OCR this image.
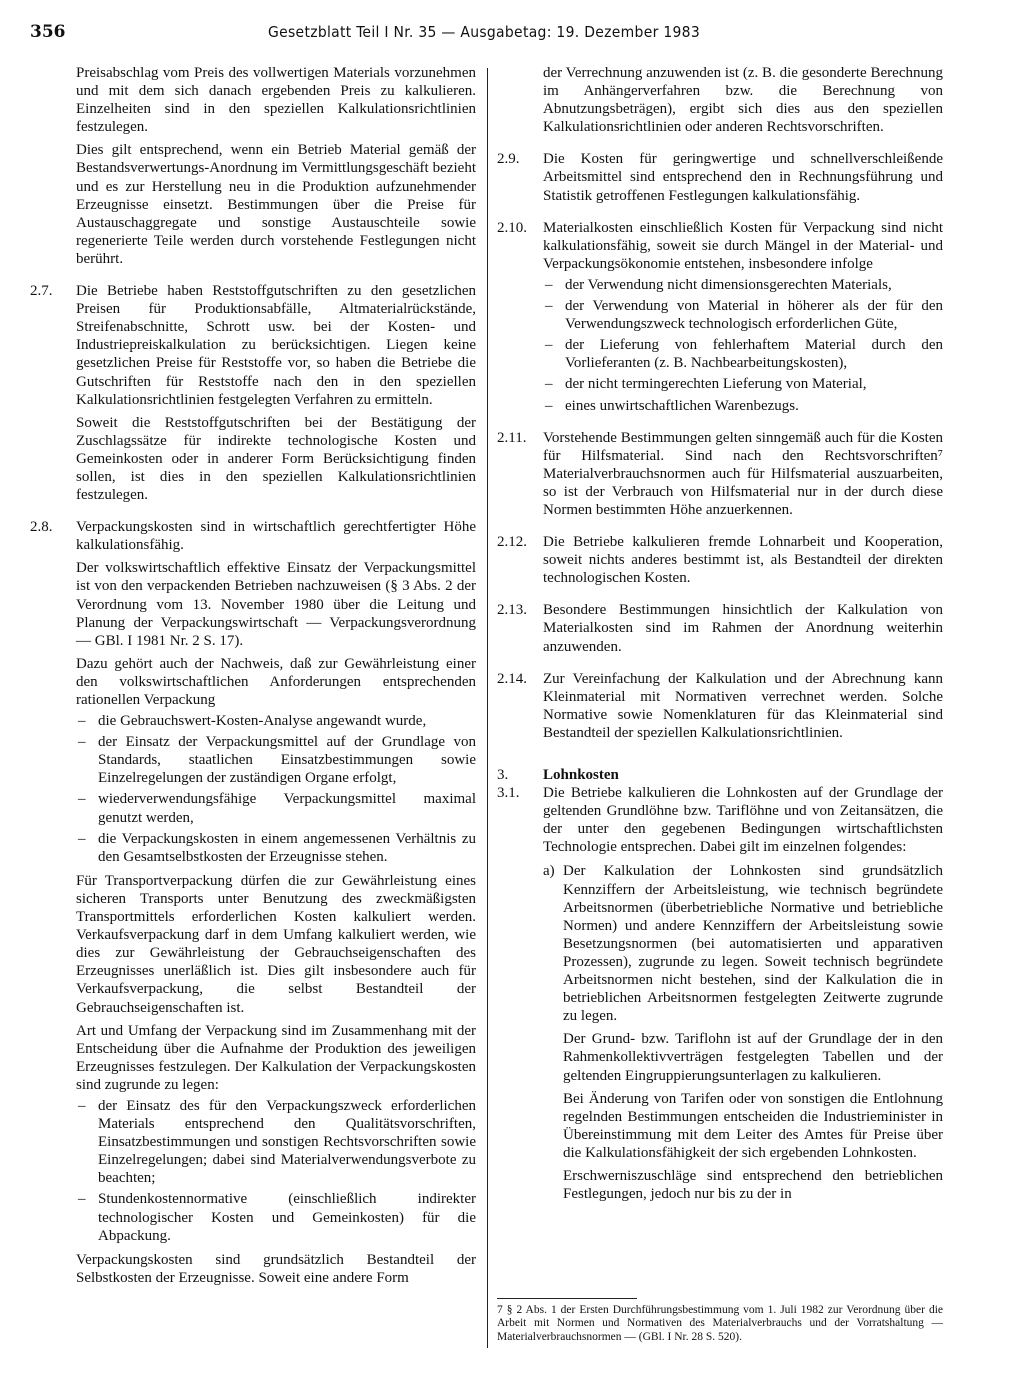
356	Gesetzblatt Teil I Nr. 35 — Ausgabetag: 19. Dezember 1983

Preisabschlag vom Preis des vollwertigen Materials vorzunehmen und mit dem sich danach ergebenden Preis zu kalkulieren. Einzelheiten sind in den speziellen Kalkulationsrichtlinien festzulegen.

Dies gilt entsprechend, wenn ein Betrieb Material gemäß der Bestandsverwertungs-Anordnung im Vermittlungsgeschäft bezieht und es zur Herstellung neu in die Produktion aufzunehmender Erzeugnisse einsetzt. Bestimmungen über die Preise für Austauschaggregate und sonstige Austauschteile sowie regenerierte Teile werden durch vorstehende Festlegungen nicht berührt.

2.7. Die Betriebe haben Reststoffgutschriften zu den gesetzlichen Preisen für Produktionsabfälle, Altmaterialrückstände, Streifenabschnitte, Schrott usw. bei der Kosten- und Industriepreiskalkulation zu berücksichtigen. Liegen keine gesetzlichen Preise für Reststoffe vor, so haben die Betriebe die Gutschriften für Reststoffe nach den in den speziellen Kalkulationsrichtlinien festgelegten Verfahren zu ermitteln.

Soweit die Reststoffgutschriften bei der Bestätigung der Zuschlagssätze für indirekte technologische Kosten und Gemeinkosten oder in anderer Form Berücksichtigung finden sollen, ist dies in den speziellen Kalkulationsrichtlinien festzulegen.

2.8. Verpackungskosten sind in wirtschaftlich gerechtfertigter Höhe kalkulationsfähig.

Der volkswirtschaftlich effektive Einsatz der Verpackungsmittel ist von den verpackenden Betrieben nachzuweisen (§ 3 Abs. 2 der Verordnung vom 13. November 1980 über die Leitung und Planung der Verpackungswirtschaft — Verpackungsverordnung — GBl. I 1981 Nr. 2 S. 17).

Dazu gehört auch der Nachweis, daß zur Gewährleistung einer den volkswirtschaftlichen Anforderungen entsprechenden rationellen Verpackung

– die Gebrauchswert-Kosten-Analyse angewandt wurde,
– der Einsatz der Verpackungsmittel auf der Grundlage von Standards, staatlichen Einsatzbestimmungen sowie Einzelregelungen der zuständigen Organe erfolgt,
– wiederverwendungsfähige Verpackungsmittel maximal genutzt werden,
– die Verpackungskosten in einem angemessenen Verhältnis zu den Gesamtselbstkosten der Erzeugnisse stehen.

Für Transportverpackung dürfen die zur Gewährleistung eines sicheren Transports unter Benutzung des zweckmäßigsten Transportmittels erforderlichen Kosten kalkuliert werden. Verkaufsverpackung darf in dem Umfang kalkuliert werden, wie dies zur Gewährleistung der Gebrauchseigenschaften des Erzeugnisses unerläßlich ist. Dies gilt insbesondere auch für Verkaufsverpackung, die selbst Bestandteil der Gebrauchseigenschaften ist.

Art und Umfang der Verpackung sind im Zusammenhang mit der Entscheidung über die Aufnahme der Produktion des jeweiligen Erzeugnisses festzulegen. Der Kalkulation der Verpackungskosten sind zugrunde zu legen:

– der Einsatz des für den Verpackungszweck erforderlichen Materials entsprechend den Qualitätsvorschriften, Einsatzbestimmungen und sonstigen Rechtsvorschriften sowie Einzelregelungen; dabei sind Materialverwendungsverbote zu beachten;
– Stundenkostennormative (einschließlich indirekter technologischer Kosten und Gemeinkosten) für die Abpackung.

Verpackungskosten sind grundsätzlich Bestandteil der Selbstkosten der Erzeugnisse. Soweit eine andere Form

der Verrechnung anzuwenden ist (z. B. die gesonderte Berechnung im Anhängerverfahren bzw. die Berechnung von Abnutzungsbeträgen), ergibt sich dies aus den speziellen Kalkulationsrichtlinien oder anderen Rechtsvorschriften.

2.9. Die Kosten für geringwertige und schnellverschleißende Arbeitsmittel sind entsprechend den in Rechnungsführung und Statistik getroffenen Festlegungen kalkulationsfähig.

2.10. Materialkosten einschließlich Kosten für Verpackung sind nicht kalkulationsfähig, soweit sie durch Mängel in der Material- und Verpackungsökonomie entstehen, insbesondere infolge

– der Verwendung nicht dimensionsgerechten Materials,
– der Verwendung von Material in höherer als der für den Verwendungszweck technologisch erforderlichen Güte,
– der Lieferung von fehlerhaftem Material durch den Vorlieferanten (z. B. Nachbearbeitungskosten),
– der nicht termingerechten Lieferung von Material,
– eines unwirtschaftlichen Warenbezugs.
2.11. Vorstehende Bestimmungen gelten sinngemäß auch für die Kosten für Hilfsmaterial. Sind nach den Rechtsvorschriften⁷ Materialverbrauchsnormen auch für Hilfsmaterial auszuarbeiten, so ist der Verbrauch von Hilfsmaterial nur in der durch diese Normen bestimmten Höhe anzuerkennen.

2.12. Die Betriebe kalkulieren fremde Lohnarbeit und Kooperation, soweit nichts anderes bestimmt ist, als Bestandteil der direkten technologischen Kosten.

2.13. Besondere Bestimmungen hinsichtlich der Kalkulation von Materialkosten sind im Rahmen der Anordnung weiterhin anzuwenden.

2.14. Zur Vereinfachung der Kalkulation und der Abrechnung kann Kleinmaterial mit Normativen verrechnet werden. Solche Normative sowie Nomenklaturen für das Kleinmaterial sind Bestandteil der speziellen Kalkulationsrichtlinien.

3. Lohnkosten

3.1. Die Betriebe kalkulieren die Lohnkosten auf der Grundlage der geltenden Grundlöhne bzw. Tariflöhne und von Zeitansätzen, die der unter den gegebenen Bedingungen wirtschaftlichsten Technologie entsprechen. Dabei gilt im einzelnen folgendes:

a) Der Kalkulation der Lohnkosten sind grundsätzlich Kennziffern der Arbeitsleistung, wie technisch begründete Arbeitsnormen (überbetriebliche Normative und betriebliche Normen) und andere Kennziffern der Arbeitsleistung sowie Besetzungsnormen (bei automatisierten und apparativen Prozessen), zugrunde zu legen. Soweit technisch begründete Arbeitsnormen nicht bestehen, sind der Kalkulation die in betrieblichen Arbeitsnormen festgelegten Zeitwerte zugrunde zu legen.

Der Grund- bzw. Tariflohn ist auf der Grundlage der in den Rahmenkollektivverträgen festgelegten Tabellen und der geltenden Eingruppierungsunterlagen zu kalkulieren.

Bei Änderung von Tarifen oder von sonstigen die Entlohnung regelnden Bestimmungen entscheiden die Industrieminister in Übereinstimmung mit dem Leiter des Amtes für Preise über die Kalkulationsfähigkeit der sich ergebenden Lohnkosten.

Erschwerniszuschläge sind entsprechend den betrieblichen Festlegungen, jedoch nur bis zu der in

7 § 2 Abs. 1 der Ersten Durchführungsbestimmung vom 1. Juli 1982 zur Verordnung über die Arbeit mit Normen und Normativen des Materialverbrauchs und der Vorratshaltung — Materialverbrauchsnormen — (GBl. I Nr. 28 S. 520).
